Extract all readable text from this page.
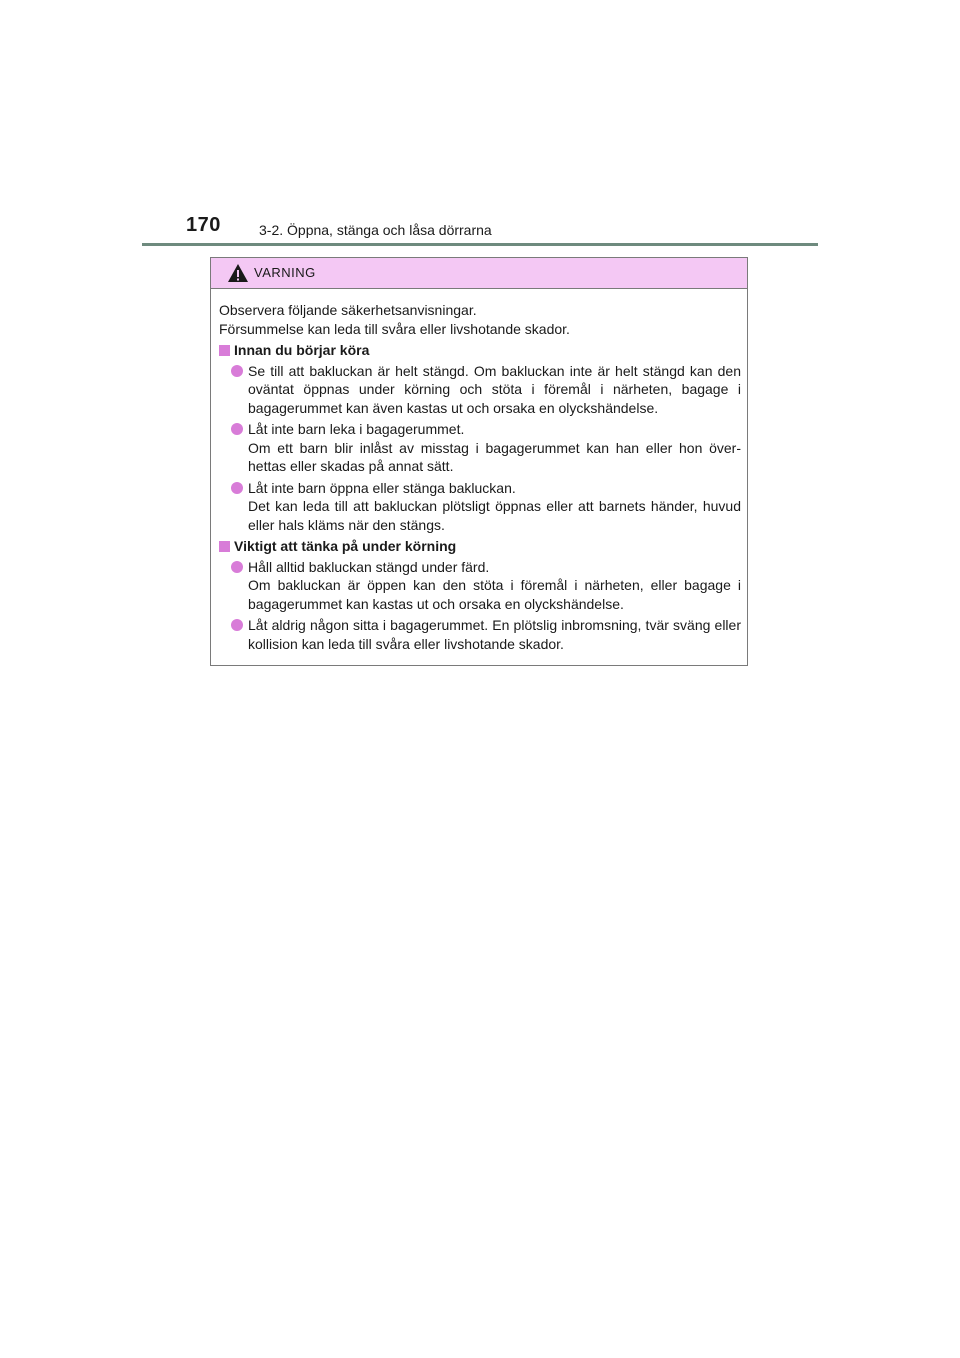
170	3-2. Öppna, stänga och låsa dörrarna
VARNING

Observera följande säkerhetsanvisningar.

Försummelse kan leda till svåra eller livshotande skador.

Innan du börjar köra

Se till att bakluckan är helt stängd. Om bakluckan inte är helt stängd kan den oväntat öppnas under körning och stöta i föremål i närheten, bagage i bagagerummet kan även kastas ut och orsaka en olyckshändelse.

Låt inte barn leka i bagagerummet.

Om ett barn blir inlåst av misstag i bagagerummet kan han eller hon över-hettas eller skadas på annat sätt.

Låt inte barn öppna eller stänga bakluckan.

Det kan leda till att bakluckan plötsligt öppnas eller att barnets händer, huvud eller hals kläms när den stängs.

Viktigt att tänka på under körning

Håll alltid bakluckan stängd under färd.

Om bakluckan är öppen kan den stöta i föremål i närheten, eller bagage i bagagerummet kan kastas ut och orsaka en olyckshändelse.

Låt aldrig någon sitta i bagagerummet. En plötslig inbromsning, tvär sväng eller kollision kan leda till svåra eller livshotande skador.
